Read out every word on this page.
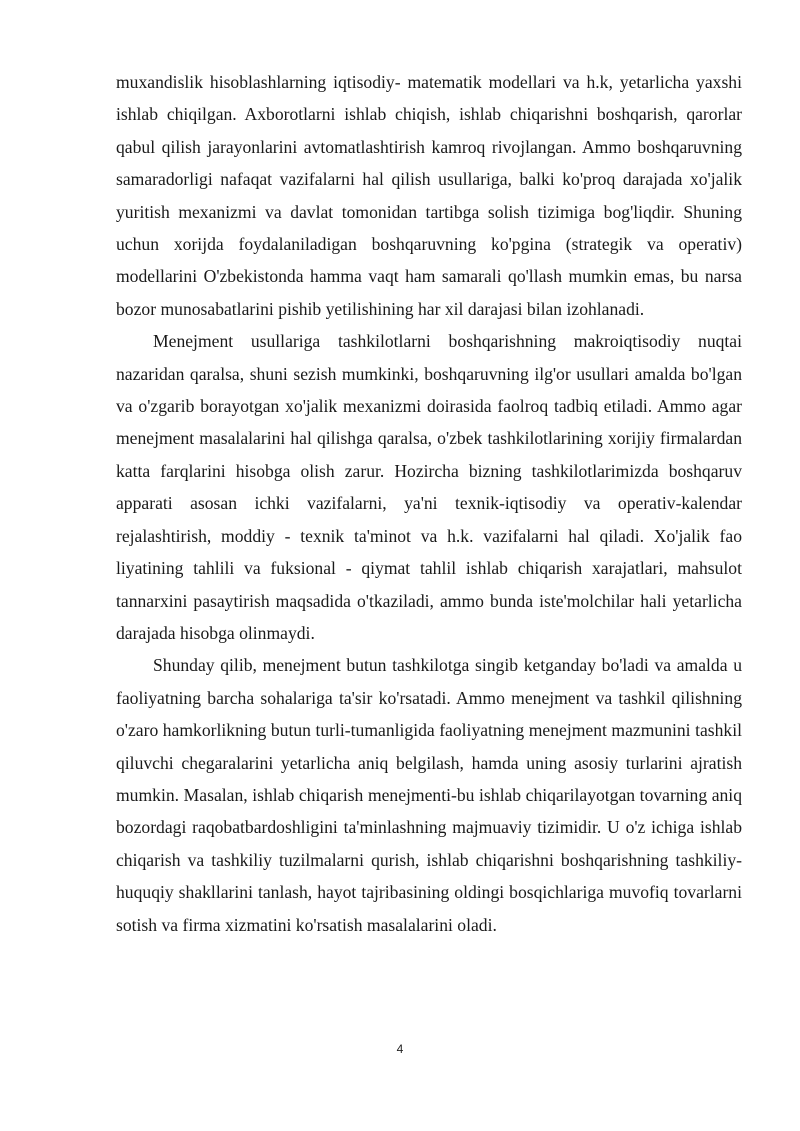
muxandislik hisoblashlarning iqtisodiy- matematik modellari va h.k, yetarlicha yaxshi ishlab chiqilgan. Axborotlarni ishlab chiqish, ishlab chiqarishni boshqarish, qarorlar qabul qilish jarayonlarini avtomatlashtirish kamroq rivojlangan. Ammo boshqaruvning samaradorligi nafaqat vazifalarni hal qilish usullariga, balki ko'proq darajada xo'jalik yuritish mexanizmi va davlat tomonidan tartibga solish tizimiga bog'liqdir. Shuning uchun xorijda foydalaniladigan boshqaruvning ko'pgina (strategik va operativ) modellarini O'zbekistonda hamma vaqt ham samarali qo'llash mumkin emas, bu narsa bozor munosabatlarini pishib yetilishining har xil darajasi bilan izohlanadi.

Menejment usullariga tashkilotlarni boshqarishning makroiqtisodiy nuqtai nazaridan qaralsa, shuni sezish mumkinki, boshqaruvning ilg'or usullari amalda bo'lgan va o'zgarib borayotgan xo'jalik mexanizmi doirasida faolroq tadbiq etiladi. Ammo agar menejment masalalarini hal qilishga qaralsa, o'zbek tashkilotlarining xorijiy firmalardan katta farqlarini hisobga olish zarur. Hozircha bizning tashkilotlarimizda boshqaruv apparati asosan ichki vazifalarni, ya'ni texnik-iqtisodiy va operativ-kalendar rejalashtirish, moddiy - texnik ta'minot va h.k. vazifalarni hal qiladi. Xo'jalik fao liyatining tahlili va fuksional - qiymat tahlil ishlab chiqarish xarajatlari, mahsulot tannarxini pasaytirish maqsadida o'tkaziladi, ammo bunda iste'molchilar hali yetarlicha darajada hisobga olinmaydi.

Shunday qilib, menejment butun tashkilotga singib ketganday bo'ladi va amalda u faoliyatning barcha sohalariga ta'sir ko'rsatadi. Ammo menejment va tashkil qilishning o'zaro hamkorlikning butun turli-tumanligida faoliyatning menejment mazmunini tashkil qiluvchi chegaralarini yetarlicha aniq belgilash, hamda uning asosiy turlarini ajratish mumkin. Masalan, ishlab chiqarish menejmenti-bu ishlab chiqarilayotgan tovarning aniq bozordagi raqobatbardoshligini ta'minlashning majmuaviy tizimidir. U o'z ichiga ishlab chiqarish va tashkiliy tuzilmalarni qurish, ishlab chiqarishni boshqarishning tashkiliy-huquqiy shakllarini tanlash, hayot tajribasining oldingi bosqichlariga muvofiq tovarlarni sotish va firma xizmatini ko'rsatish masalalarini oladi.

4
